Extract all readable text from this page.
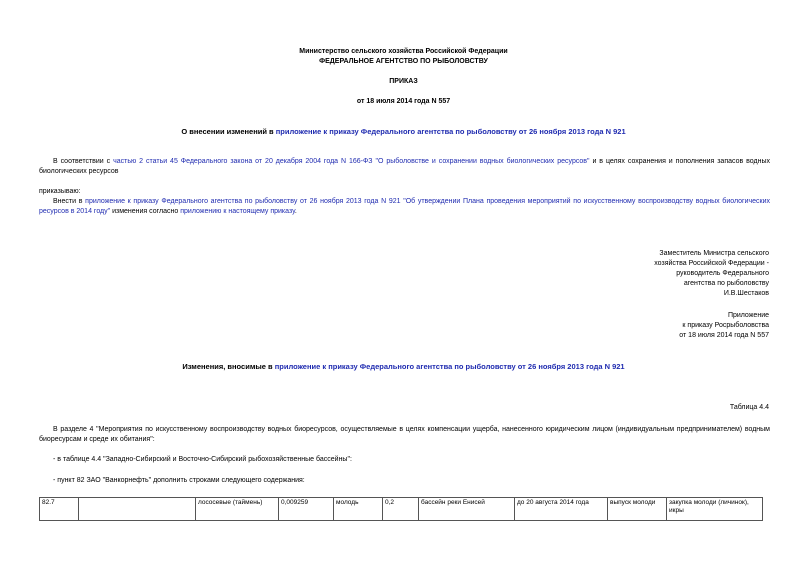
Министерство сельского хозяйства Российской Федерации
ФЕДЕРАЛЬНОЕ АГЕНТСТВО ПО РЫБОЛОВСТВУ
ПРИКАЗ
от 18 июля 2014 года N 557
О внесении изменений в приложение к приказу Федерального агентства по рыболовству от 26 ноября 2013 года N 921
В соответствии с частью 2 статьи 45 Федерального закона от 20 декабря 2004 года N 166-ФЗ "О рыболовстве и сохранении водных биологических ресурсов" и в целях сохранения и пополнения запасов водных биологических ресурсов
приказываю:
Внести в приложение к приказу Федерального агентства по рыболовству от 26 ноября 2013 года N 921 "Об утверждении Плана проведения мероприятий по искусственному воспроизводству водных биологических ресурсов в 2014 году" изменения согласно приложению к настоящему приказу.
Заместитель Министра сельского
хозяйства Российской Федерации -
руководитель Федерального
агентства по рыболовству
И.В.Шестаков
Приложение
к приказу Росрыболовства
от 18 июля 2014 года N 557
Изменения, вносимые в приложение к приказу Федерального агентства по рыболовству от 26 ноября 2013 года N 921
Таблица 4.4
В разделе 4 "Мероприятия по искусственному воспроизводству водных биоресурсов, осуществляемые в целях компенсации ущерба, нанесенного юридическим лицом (индивидуальным предпринимателем) водным биоресурсам и среде их обитания":
- в таблице 4.4 "Западно-Сибирский и Восточно-Сибирский рыбохозяйственные бассейны":
- пункт 82 ЗАО "Ванкорнефть" дополнить строками следующего содержания:
82.7		лососевые (таймень)	0,009259	молодь	0,2	бассейн реки Енисей	до 20 августа 2014 года	выпуск молоди	закупка молоди (личинок), икры
